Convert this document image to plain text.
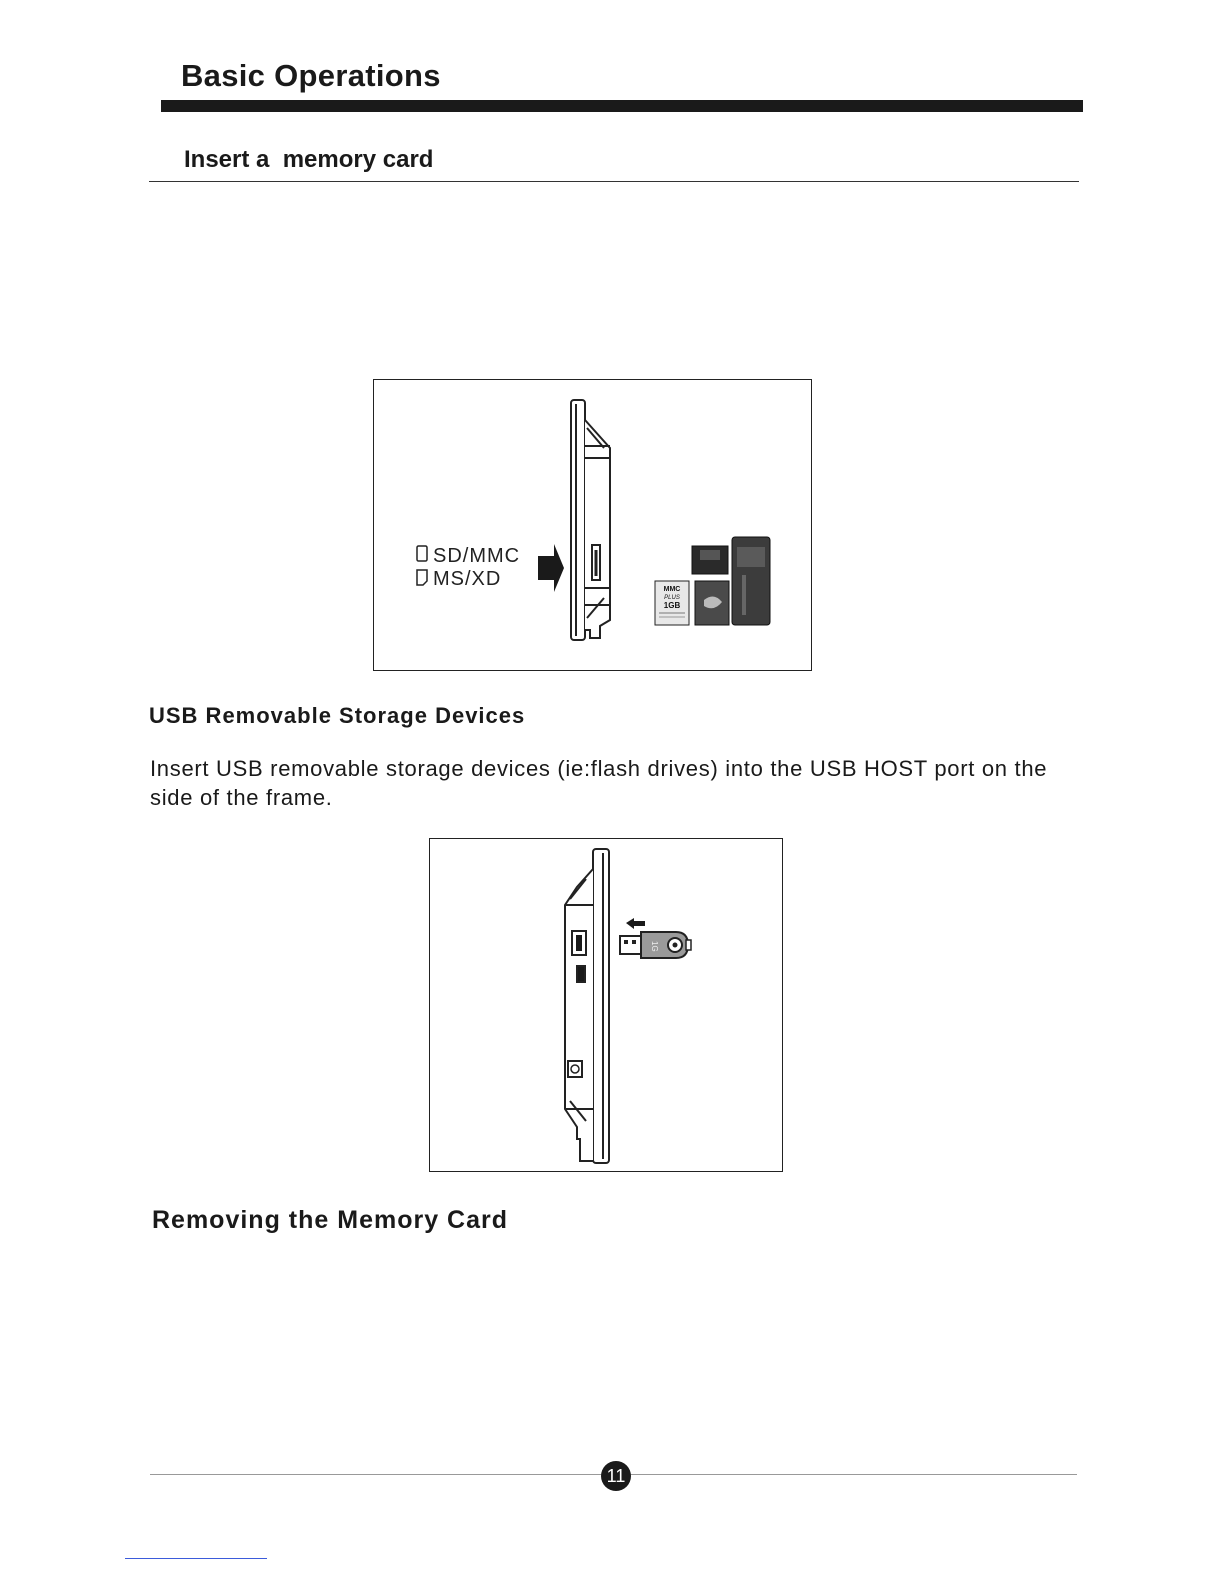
Basic Operations
Insert a  memory card
SD/MMC
MS/XD	MMC
PLUS
1GB
USB Removable Storage Devices
Insert USB removable storage devices (ie:flash drives) into the USB HOST port on the side of the frame.
1G
Removing the Memory Card
11
